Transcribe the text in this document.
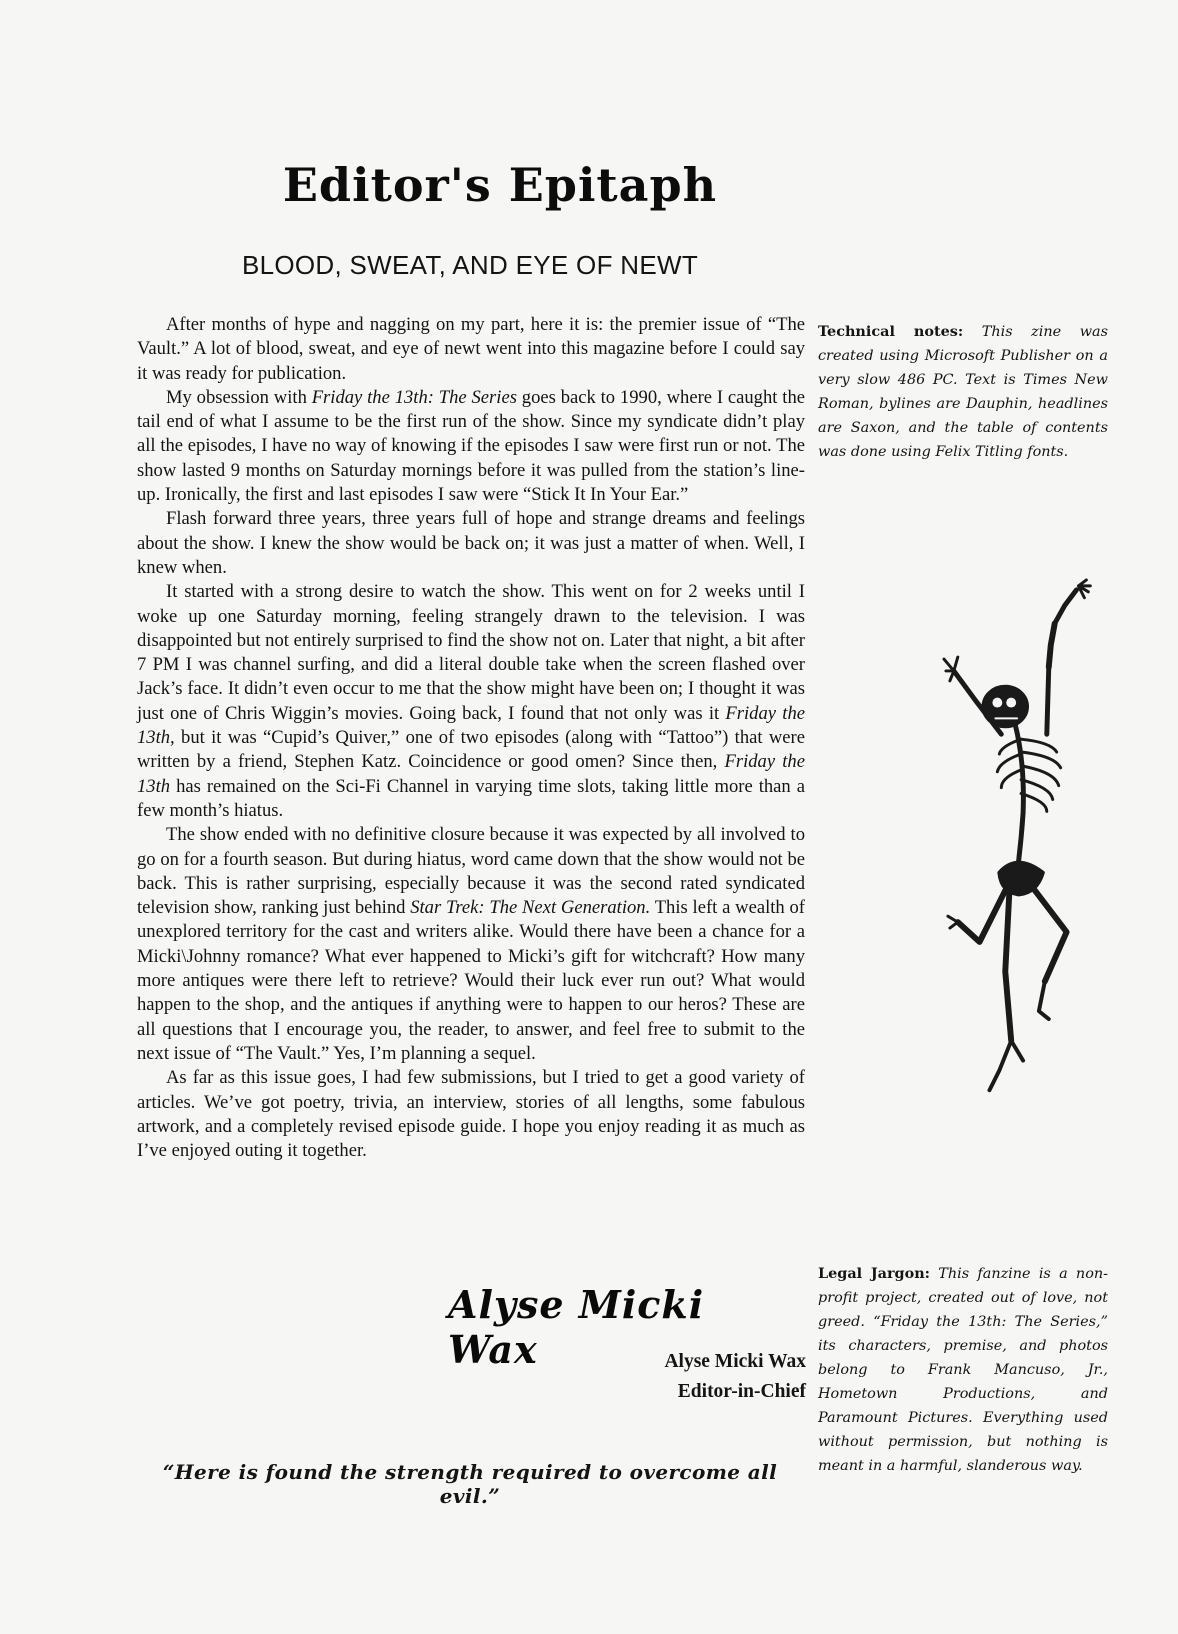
Editor's Epitaph
BLOOD, SWEAT, AND EYE OF NEWT

After months of hype and nagging on my part, here it is: the premier issue of “The Vault.” A lot of blood, sweat, and eye of newt went into this magazine before I could say it was ready for publication.

My obsession with Friday the 13th: The Series goes back to 1990, where I caught the tail end of what I assume to be the first run of the show. Since my syndicate didn’t play all the episodes, I have no way of knowing if the episodes I saw were first run or not. The show lasted 9 months on Saturday mornings before it was pulled from the station’s line-up. Ironically, the first and last episodes I saw were “Stick It In Your Ear.”

Flash forward three years, three years full of hope and strange dreams and feelings about the show. I knew the show would be back on; it was just a matter of when. Well, I knew when.

It started with a strong desire to watch the show. This went on for 2 weeks until I woke up one Saturday morning, feeling strangely drawn to the television. I was disappointed but not entirely surprised to find the show not on. Later that night, a bit after 7 PM I was channel surfing, and did a literal double take when the screen flashed over Jack’s face. It didn’t even occur to me that the show might have been on; I thought it was just one of Chris Wiggin’s movies. Going back, I found that not only was it Friday the 13th, but it was “Cupid’s Quiver,” one of two episodes (along with “Tattoo”) that were written by a friend, Stephen Katz. Coincidence or good omen? Since then, Friday the 13th has remained on the Sci-Fi Channel in varying time slots, taking little more than a few month’s hiatus.

The show ended with no definitive closure because it was expected by all involved to go on for a fourth season. But during hiatus, word came down that the show would not be back. This is rather surprising, especially because it was the second rated syndicated television show, ranking just behind Star Trek: The Next Generation. This left a wealth of unexplored territory for the cast and writers alike. Would there have been a chance for a Micki\Johnny romance? What ever happened to Micki’s gift for witchcraft? How many more antiques were there left to retrieve? Would their luck ever run out? What would happen to the shop, and the antiques if anything were to happen to our heros? These are all questions that I encourage you, the reader, to answer, and feel free to submit to the next issue of “The Vault.” Yes, I’m planning a sequel.

As far as this issue goes, I had few submissions, but I tried to get a good variety of articles. We’ve got poetry, trivia, an interview, stories of all lengths, some fabulous artwork, and a completely revised episode guide. I hope you enjoy reading it as much as I’ve enjoyed outing it together.

Alyse Micki Wax	Alyse Micki Wax
Editor-in-Chief
“Here is found the strength required to overcome all evil.”
Technical notes: This zine was created using Microsoft Publisher on a very slow 486 PC. Text is Times New Roman, bylines are Dauphin, headlines are Saxon, and the table of contents was done using Felix Titling fonts.
Legal Jargon: This fanzine is a non-profit project, created out of love, not greed. “Friday the 13th: The Series,” its characters, premise, and photos belong to Frank Mancuso, Jr., Hometown Productions, and Paramount Pictures. Everything used without permission, but nothing is meant in a harmful, slanderous way.
